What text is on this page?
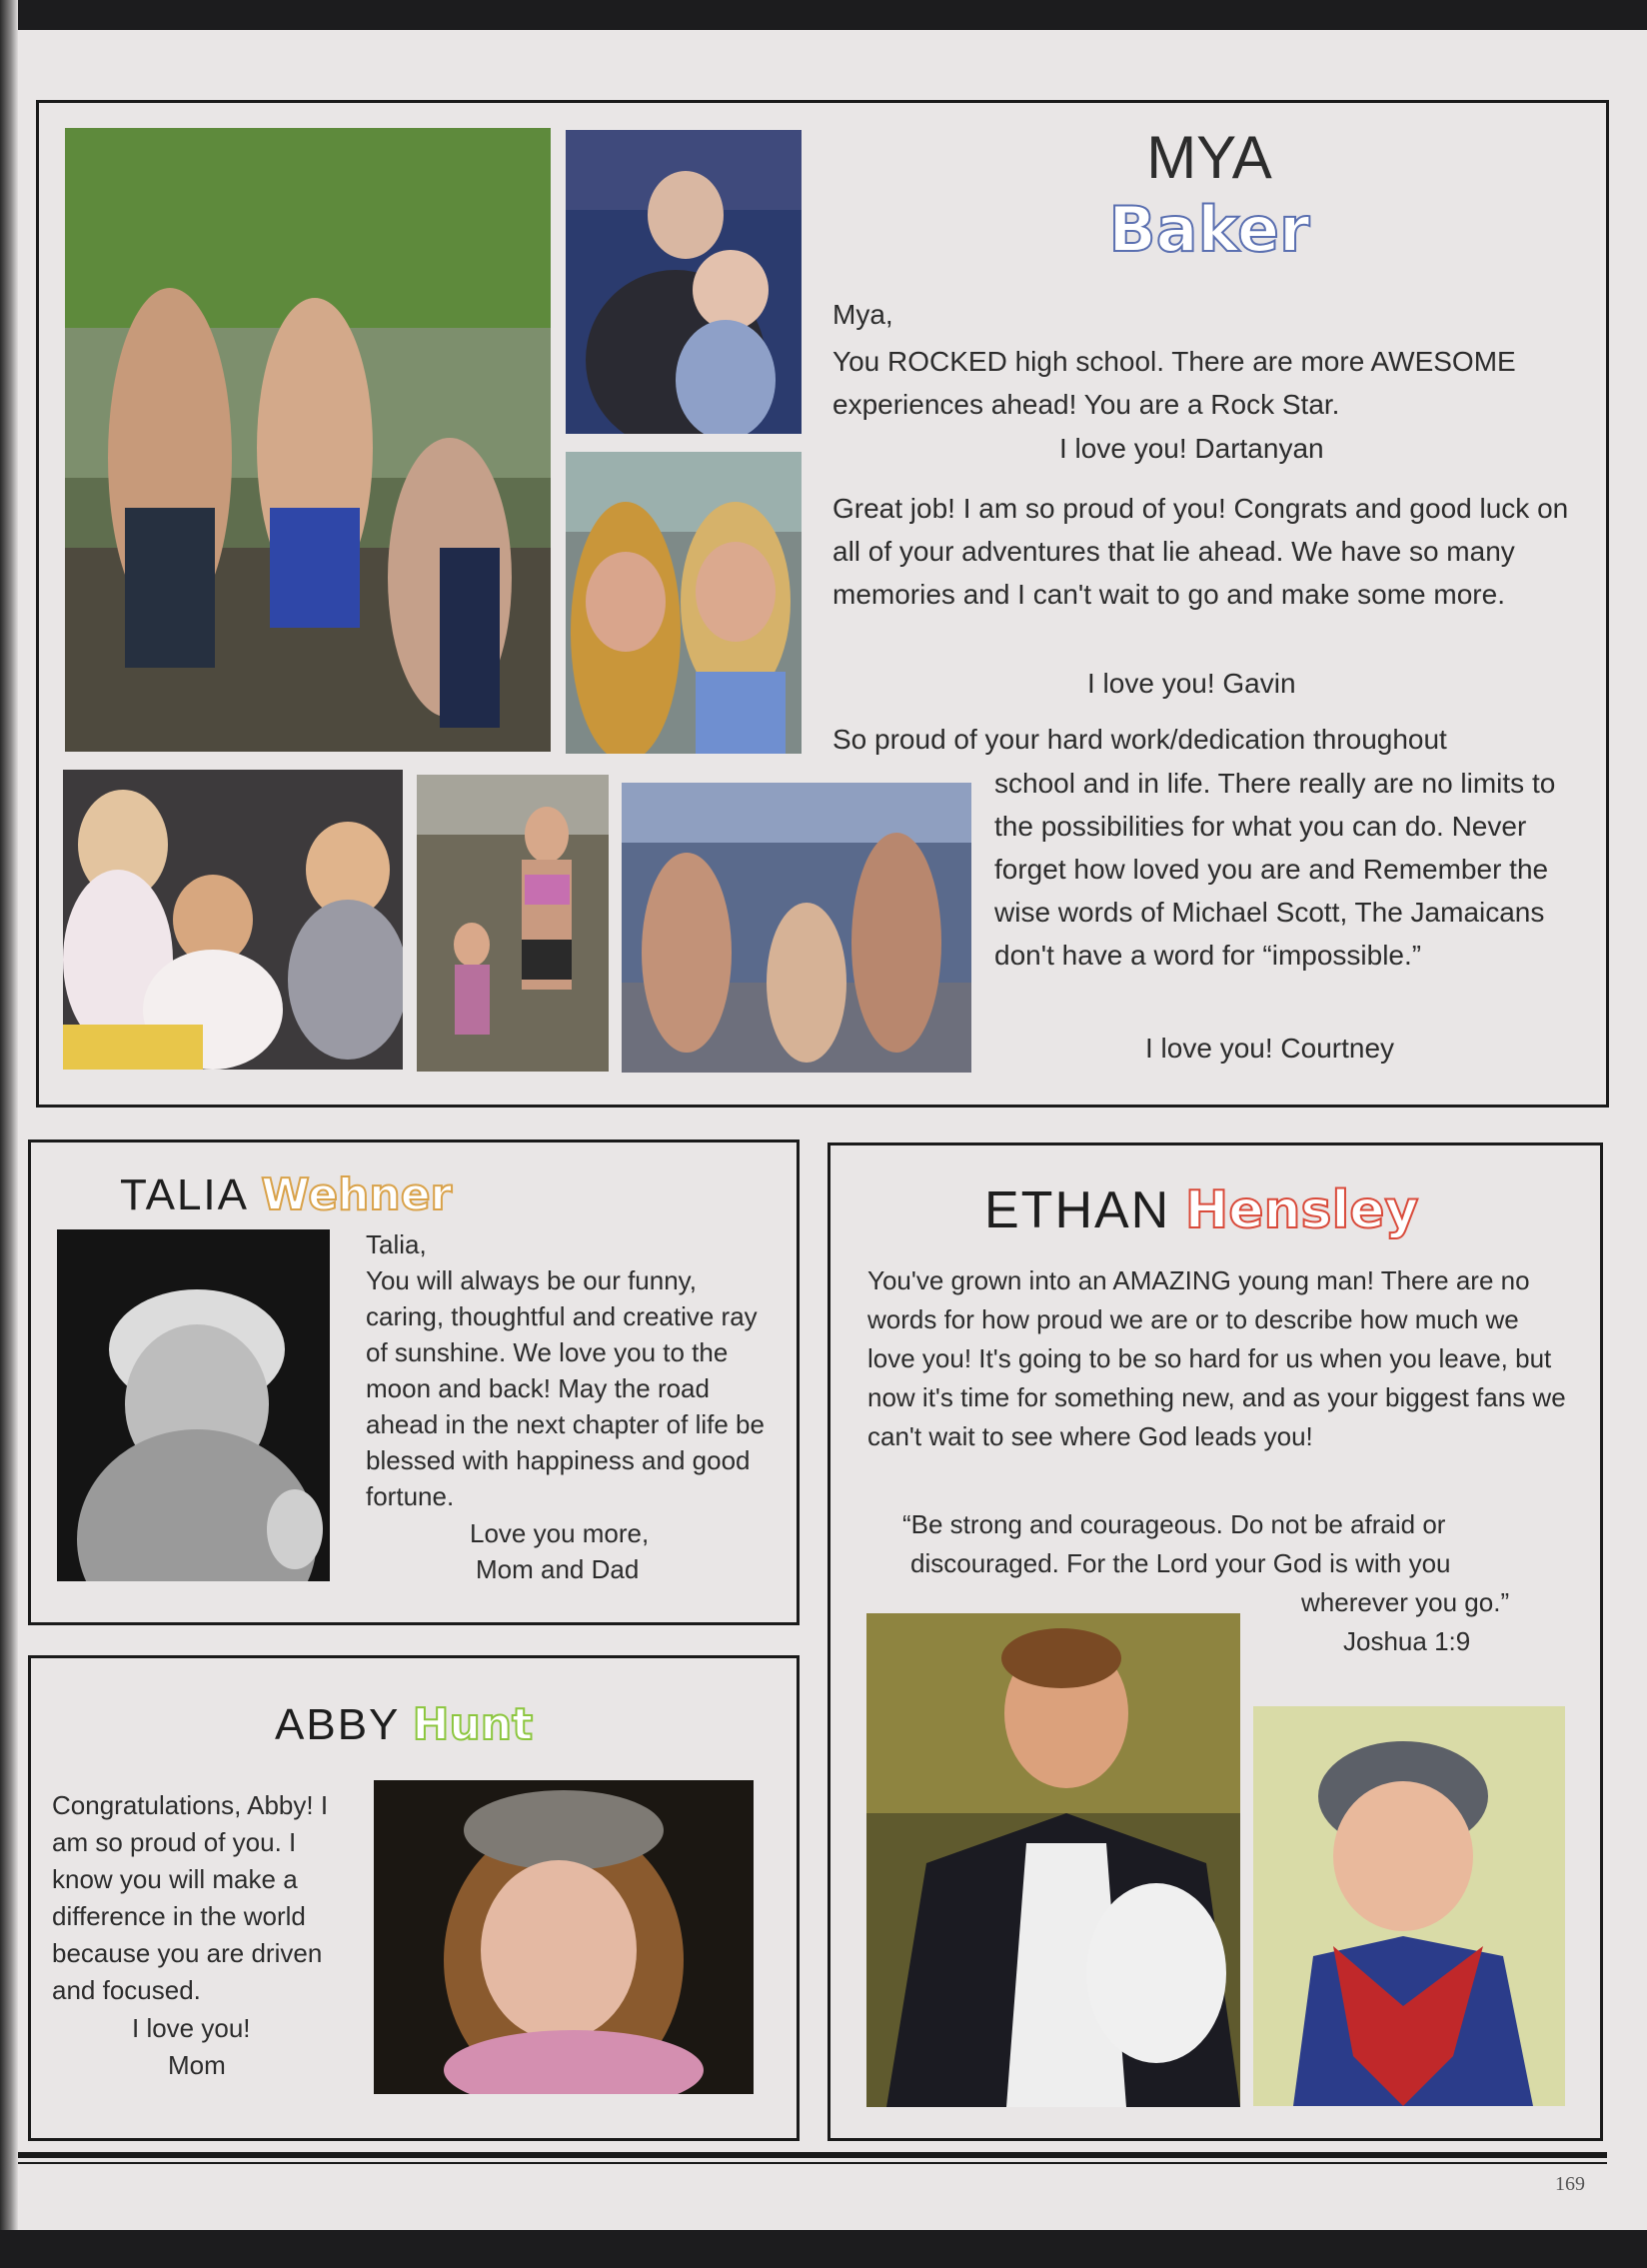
MYA
Baker
Mya,
You ROCKED high school. There are more AWESOME experiences ahead! You are a Rock Star.
I love you! Dartanyan
Great job! I am so proud of you! Congrats and good luck on all of your adventures that lie ahead. We have so many memories and I can't wait to go and make some more.
I love you! Gavin
So proud of your hard work/dedication throughout
school and in life. There really are no limits to the possibilities for what you can do. Never forget how loved you are and Remember the wise words of Michael Scott, The Jamaicans don't have a word for “impossible.”
I love you! Courtney
TALIA Wehner
Talia,
You will always be our funny, caring, thoughtful and creative ray of sunshine. We love you to the moon and back! May the road ahead in the next chapter of life be blessed with happiness and good fortune.
Love you more,
Mom and Dad
ABBY Hunt
Congratulations, Abby! I am so proud of you. I know you will make a difference in the world because you are driven and focused.
I love you!
Mom
ETHAN Hensley
You've grown into an AMAZING young man! There are no words for how proud we are or to describe how much we love you! It's going to be so hard for us when you leave, but now it's time for something new, and as your biggest fans we can't wait to see where God leads you!
“Be strong and courageous. Do not be afraid or
discouraged. For the Lord your God is with you
wherever you go.”
Joshua 1:9
169
